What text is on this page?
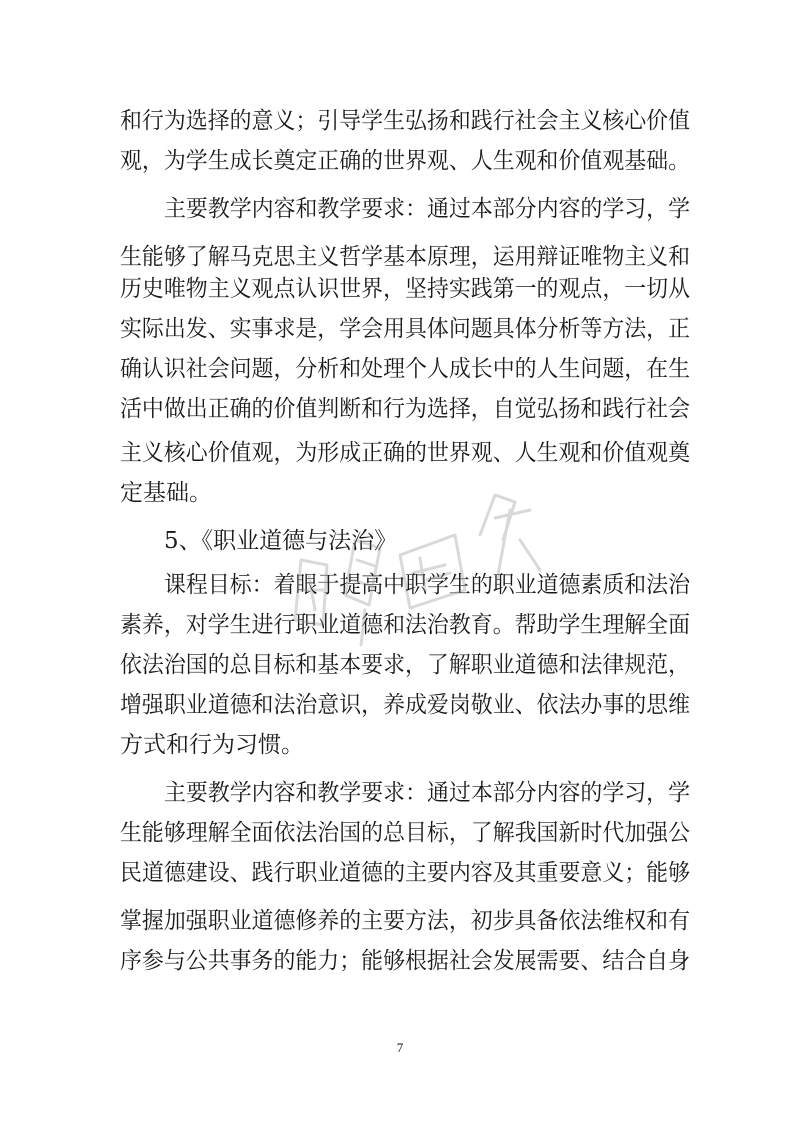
和行为选择的意义；引导学生弘扬和践行社会主义核心价值
观，为学生成长奠定正确的世界观、人生观和价值观基础。
主要教学内容和教学要求：通过本部分内容的学习，学
生能够了解马克思主义哲学基本原理，运用辩证唯物主义和
历史唯物主义观点认识世界，坚持实践第一的观点，一切从
实际出发、实事求是，学会用具体问题具体分析等方法，正
确认识社会问题，分析和处理个人成长中的人生问题，在生
活中做出正确的价值判断和行为选择，自觉弘扬和践行社会
主义核心价值观，为形成正确的世界观、人生观和价值观奠
定基础。
5、《职业道德与法治》
课程目标：着眼于提高中职学生的职业道德素质和法治
素养，对学生进行职业道德和法治教育。帮助学生理解全面
依法治国的总目标和基本要求，了解职业道德和法律规范，
增强职业道德和法治意识，养成爱岗敬业、依法办事的思维
方式和行为习惯。
主要教学内容和教学要求：通过本部分内容的学习，学
生能够理解全面依法治国的总目标，了解我国新时代加强公
民道德建设、践行职业道德的主要内容及其重要意义；能够
掌握加强职业道德修养的主要方法，初步具备依法维权和有
序参与公共事务的能力；能够根据社会发展需要、结合自身
7
